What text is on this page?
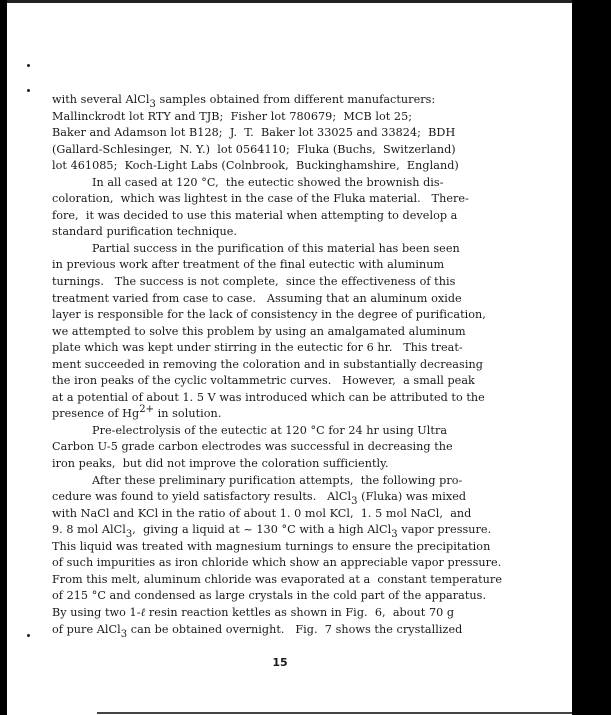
with several AlCl$_3$ samples obtained from different manufacturers:
Mallinckrodt lot RTY and TJB;  Fisher lot 780679;  MCB lot 25;
Baker and Adamson lot B128;  J.  T.  Baker lot 33025 and 33824;  BDH
(Gallard-Schlesinger,  N. Y.)  lot 0564110;  Fluka (Buchs,  Switzerland)
lot 461085;  Koch-Light Labs (Colnbrook,  Buckinghamshire,  England)
In all cased at 120 °C,  the eutectic showed the brownish dis-
coloration,  which was lightest in the case of the Fluka material.   There-
fore,  it was decided to use this material when attempting to develop a
standard purification technique.
Partial success in the purification of this material has been seen
in previous work after treatment of the final eutectic with aluminum
turnings.   The success is not complete,  since the effectiveness of this
treatment varied from case to case.   Assuming that an aluminum oxide
layer is responsible for the lack of consistency in the degree of purification,
we attempted to solve this problem by using an amalgamated aluminum
plate which was kept under stirring in the eutectic for 6 hr.   This treat-
ment succeeded in removing the coloration and in substantially decreasing
the iron peaks of the cyclic voltammetric curves.   However,  a small peak
at a potential of about 1. 5 V was introduced which can be attributed to the
presence of $Hg^{2+}$ in solution.
Pre-electrolysis of the eutectic at 120 °C for 24 hr using Ultra
Carbon U-5 grade carbon electrodes was successful in decreasing the
iron peaks,  but did not improve the coloration sufficiently.
After these preliminary purification attempts,  the following pro-
cedure was found to yield satisfactory results.   AlCl$_3$ (Fluka) was mixed
with NaCl and KCl in the ratio of about 1. 0 mol KCl,  1. 5 mol NaCl,  and
9. 8 mol AlCl$_3$,  giving a liquid at ~ 130 °C with a high AlCl$_3$ vapor pressure.
This liquid was treated with magnesium turnings to ensure the precipitation
of such impurities as iron chloride which show an appreciable vapor pressure.
From this melt, aluminum chloride was evaporated at a  constant temperature
of 215 °C and condensed as large crystals in the cold part of the apparatus.
By using two 1-ℓ resin reaction kettles as shown in Fig.  6,  about 70 g
of pure AlCl$_3$ can be obtained overnight.   Fig.  7 shows the crystallized
15
